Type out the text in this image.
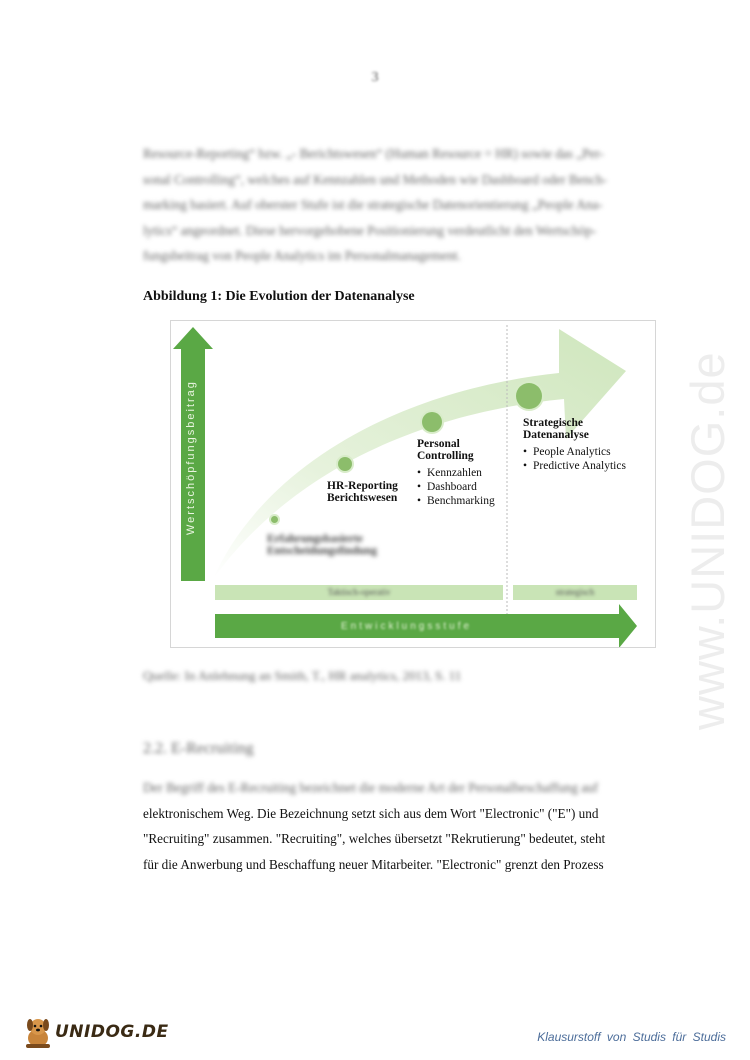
3
Resource-Reporting“ bzw. „- Berichtswesen“ (Human Resource = HR) sowie das „Per-
sonal Controlling“, welches auf Kennzahlen und Methoden wie Dashboard oder Bench-
marking basiert. Auf oberster Stufe ist die strategische Datenorientierung „People Ana-
lytics“ angeordnet. Diese hervorgehobene Positionierung verdeutlicht den Wertschöp-
fungsbeitrag von People Analytics im Personalmanagement.
Abbildung 1: Die Evolution der Datenanalyse
Wertschöpfungsbeitrag
Entwicklungsstufe
Erfahrungsbasierte
Entscheidungsfindung
HR-Reporting
Berichtswesen
Personal
Controlling
• Kennzahlen
• Dashboard
• Benchmarking
Strategische
Datenanalyse
• People Analytics
• Predictive Analytics
Taktisch-operativ	strategisch
Quelle: In Anlehnung an Smith, T., HR analytics, 2013, S. 11
2.2. E-Recruiting
Der Begriff des E-Recruiting bezeichnet die moderne Art der Personalbeschaffung auf
elektronischem Weg. Die Bezeichnung setzt sich aus dem Wort "Electronic" ("E") und
"Recruiting" zusammen. "Recruiting", welches übersetzt "Rekrutierung" bedeutet, steht
für die Anwerbung und Beschaffung neuer Mitarbeiter. "Electronic" grenzt den Prozess
www.UNIDOG.de
UNIDOG.DE	Klausurstoff von Studis für Studis
